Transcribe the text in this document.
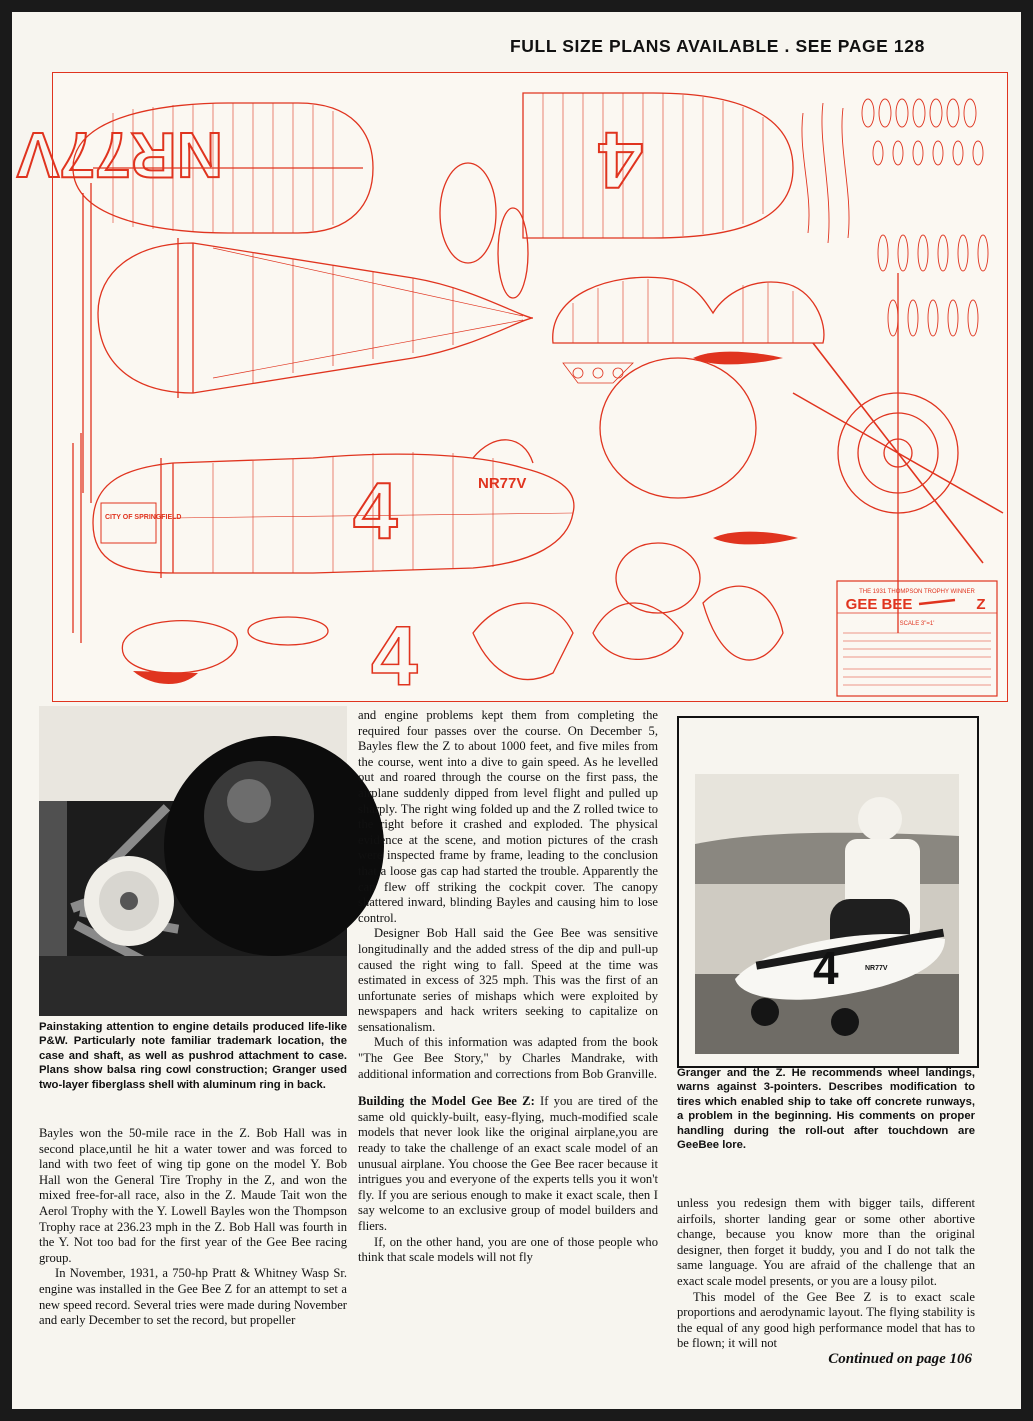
FULL SIZE PLANS AVAILABLE . SEE PAGE 128
4
NR77V
4	NR77V
CITY OF SPRINGFIELD
4
THE 1931 THOMPSON TROPHY WINNER
GEE BEE	Z
SCALE 3"=1'

Painstaking attention to engine details produced life-like P&W. Particularly note familiar trademark location, the case and shaft, as well as pushrod attachment to case. Plans show balsa ring cowl construction; Granger used two-layer fiberglass shell with aluminum ring in back.

Bayles won the 50-mile race in the Z. Bob Hall was in second place,until he hit a water tower and was forced to land with two feet of wing tip gone on the model Y. Bob Hall won the General Tire Trophy in the Z, and won the mixed free-for-all race, also in the Z. Maude Tait won the Aerol Trophy with the Y. Lowell Bayles won the Thompson Trophy race at 236.23 mph in the Z. Bob Hall was fourth in the Y. Not too bad for the first year of the Gee Bee racing group.

In November, 1931, a 750-hp Pratt & Whitney Wasp Sr. engine was installed in the Gee Bee Z for an attempt to set a new speed record. Several tries were made during November and early December to set the record, but propeller

and engine problems kept them from completing the required four passes over the course. On December 5, Bayles flew the Z to about 1000 feet, and five miles from the course, went into a dive to gain speed. As he levelled out and roared through the course on the first pass, the airplane suddenly dipped from level flight and pulled up sharply. The right wing folded up and the Z rolled twice to the right before it crashed and exploded. The physical evidence at the scene, and motion pictures of the crash were inspected frame by frame, leading to the conclusion that a loose gas cap had started the trouble. Apparently the cap flew off striking the cockpit cover. The canopy shattered inward, blinding Bayles and causing him to lose control.

Designer Bob Hall said the Gee Bee was sensitive longitudinally and the added stress of the dip and pull-up caused the right wing to fall. Speed at the time was estimated in excess of 325 mph. This was the first of an unfortunate series of mishaps which were exploited by newspapers and hack writers seeking to capitalize on sensationalism.

Much of this information was adapted from the book "The Gee Bee Story," by Charles Mandrake, with additional information and corrections from Bob Granville.

Building the Model Gee Bee Z: If you are tired of the same old quickly-built, easy-flying, much-modified scale models that never look like the original airplane,you are ready to take the challenge of an exact scale model of an unusual airplane. You choose the Gee Bee racer because it intrigues you and everyone of the experts tells you it won't fly. If you are serious enough to make it exact scale, then I say welcome to an exclusive group of model builders and fliers.

If, on the other hand, you are one of those people who think that scale models will not fly

4	NR77V

Granger and the Z. He recommends wheel landings, warns against 3-pointers. Describes modification to tires which enabled ship to take off concrete runways, a problem in the beginning. His comments on proper handling during the roll-out after touchdown are GeeBee lore.

unless you redesign them with bigger tails, different airfoils, shorter landing gear or some other abortive change, because you know more than the original designer, then forget it buddy, you and I do not talk the same language. You are afraid of the challenge that an exact scale model presents, or you are a lousy pilot.

This model of the Gee Bee Z is to exact scale proportions and aerodynamic layout. The flying stability is the equal of any good high performance model that has to be flown; it will not

Continued on page 106
